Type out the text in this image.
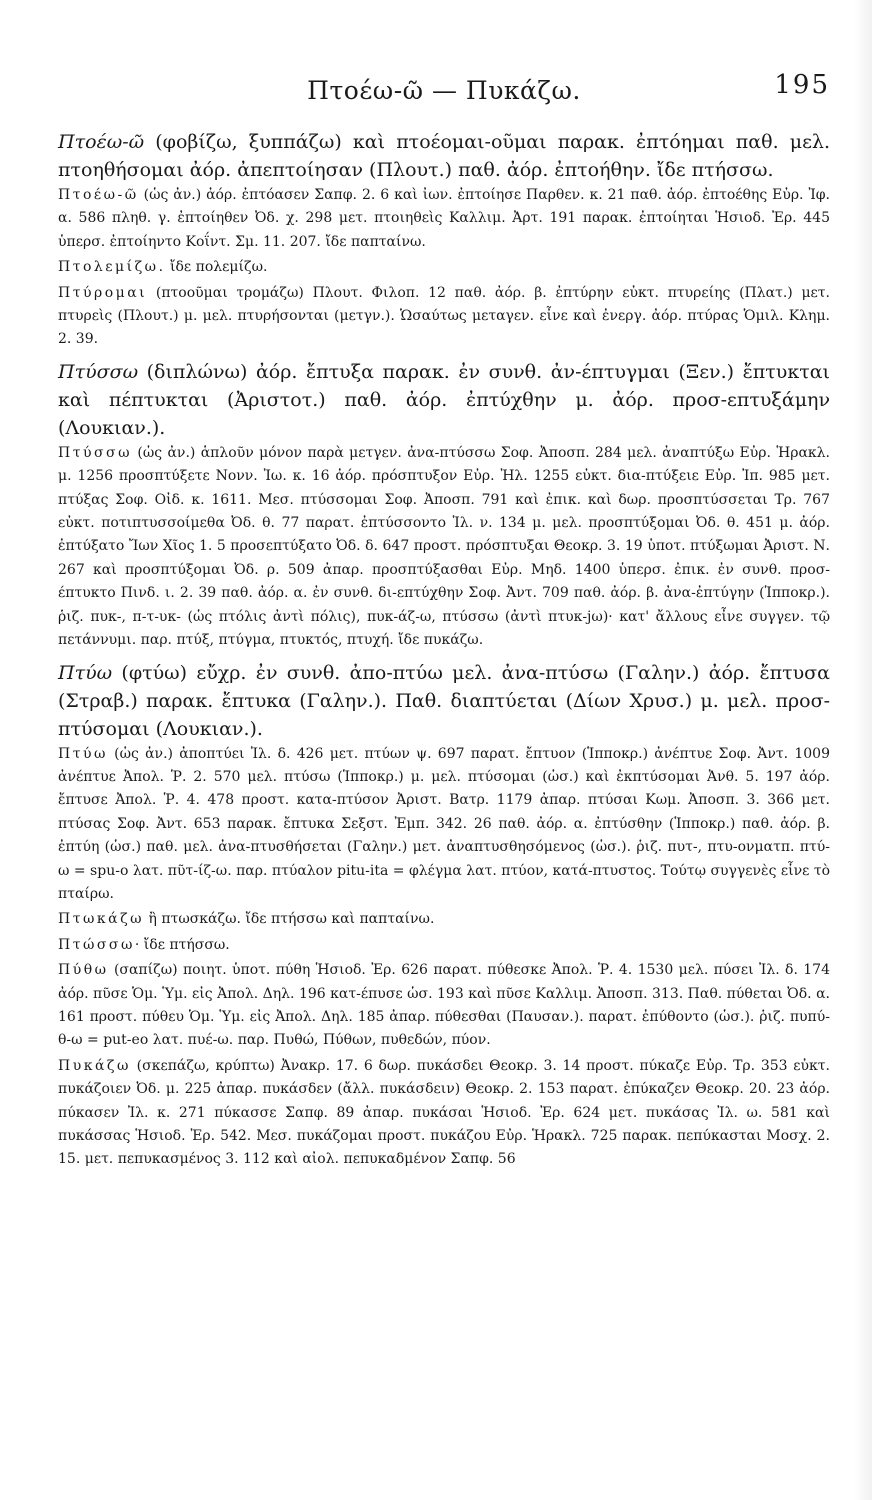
Πτοέω-ῶ — Πυκάζω.	195

Πτοέω-ῶ (φοβίζω, ξυππάζω) καὶ πτοέομαι-οῦμαι παρακ. ἐπτόημαι παθ. μελ. πτοηθήσομαι ἀόρ. ἀπεπτοίησαν (Πλουτ.) παθ. ἀόρ. ἐπτοήθην. ἴδε πτήσσω.

Πτοέω-ῶ (ὡς ἀν.) ἀόρ. ἐπτόασεν Σαπφ. 2. 6 καὶ ἰων. ἐπτοίησε Παρθεν. κ. 21 παθ. ἀόρ. ἐπτοέθης Εὐρ. Ἰφ. α. 586 πληθ. γ. ἐπτοίηθεν Ὀδ. χ. 298 μετ. πτοιηθεὶς Καλλιμ. Ἀρτ. 191 παρακ. ἐπτοίηται Ἡσιοδ. Ἐρ. 445 ὑπερσ. ἐπτοίηντο Κοΐντ. Σμ. 11. 207. ἴδε παπταίνω.

Πτολεμίζω. ἴδε πολεμίζω.

Πτύρομαι (πτοοῦμαι τρομάζω) Πλουτ. Φιλοπ. 12 παθ. ἀόρ. β. ἐπτύρην εὐκτ. πτυρείης (Πλατ.) μετ. πτυρεὶς (Πλουτ.) μ. μελ. πτυρήσονται (μετγν.). Ὡσαύτως μεταγεν. εἶνε καὶ ἐνεργ. ἀόρ. πτύρας Ὁμιλ. Κλημ. 2. 39.

Πτύσσω (διπλώνω) ἀόρ. ἔπτυξα παρακ. ἐν συνθ. ἀν-έπτυγμαι (Ξεν.) ἔπτυκται καὶ πέπτυκται (Ἀριστοτ.) παθ. ἀόρ. ἐπτύχθην μ. ἀόρ. προσ-επτυξάμην (Λουκιαν.).

Πτύσσω (ὡς ἀν.) ἁπλοῦν μόνον παρὰ μετγεν. ἀνα-πτύσσω Σοφ. Ἀποσπ. 284 μελ. ἀναπτύξω Εὐρ. Ἡρακλ. μ. 1256 προσπτύξετε Νονν. Ἰω. κ. 16 ἀόρ. πρόσπτυξον Εὐρ. Ἠλ. 1255 εὐκτ. δια-πτύξειε Εὐρ. Ἰπ. 985 μετ. πτύξας Σοφ. Οἰδ. κ. 1611. Μεσ. πτύσσομαι Σοφ. Ἀποσπ. 791 καὶ ἐπικ. καὶ δωρ. προσπτύσσεται Τρ. 767 εὐκτ. ποτιπτυσσοίμεθα Ὀδ. θ. 77 παρατ. ἐπτύσσοντο Ἰλ. ν. 134 μ. μελ. προσπτύξομαι Ὀδ. θ. 451 μ. ἀόρ. ἐπτύξατο Ἴων Χῖος 1. 5 προσεπτύξατο Ὀδ. δ. 647 προστ. πρόσπτυξαι Θεοκρ. 3. 19 ὑποτ. πτύξωμαι Ἀριστ. Ν. 267 καὶ προσπτύξομαι Ὀδ. ρ. 509 ἀπαρ. προσπτύξασθαι Εὐρ. Μηδ. 1400 ὑπερσ. ἐπικ. ἐν συνθ. προσ-έπτυκτο Πινδ. ι. 2. 39 παθ. ἀόρ. α. ἐν συνθ. δι-επτύχθην Σοφ. Ἀντ. 709 παθ. ἀόρ. β. ἀνα-ἐπτύγην (Ἱπποκρ.). ῥιζ. πυκ-, π-τ-υκ- (ὡς πτόλις ἀντὶ πόλις), πυκ-άζ-ω, πτύσσω (ἀντὶ πτυκ-jω)· κατ' ἄλλους εἶνε συγγεν. τῷ πετάννυμι. παρ. πτύξ, πτύγμα, πτυκτός, πτυχή. ἴδε πυκάζω.

Πτύω (φτύω) εὔχρ. ἐν συνθ. ἀπο-πτύω μελ. ἀνα-πτύσω (Γαλην.) ἀόρ. ἔπτυσα (Στραβ.) παρακ. ἔπτυκα (Γαλην.). Παθ. διαπτύεται (Δίων Χρυσ.) μ. μελ. προσ-πτύσομαι (Λουκιαν.).

Πτύω (ὡς ἀν.) ἀποπτύει Ἰλ. δ. 426 μετ. πτύων ψ. 697 παρατ. ἔπτυον (Ἱπποκρ.) ἀνέπτυε Σοφ. Ἀντ. 1009 ἀνέπτυε Ἀπολ. Ῥ. 2. 570 μελ. πτύσω (Ἱπποκρ.) μ. μελ. πτύσομαι (ὡσ.) καὶ ἐκπτύσομαι Ἀνθ. 5. 197 ἀόρ. ἔπτυσε Ἀπολ. Ῥ. 4. 478 προστ. κατα-πτύσον Ἀριστ. Βατρ. 1179 ἀπαρ. πτύσαι Κωμ. Ἀποσπ. 3. 366 μετ. πτύσας Σοφ. Ἀντ. 653 παρακ. ἔπτυκα Σεξστ. Ἐμπ. 342. 26 παθ. ἀόρ. α. ἐπτύσθην (Ἱπποκρ.) παθ. ἀόρ. β. ἐπτύη (ὡσ.) παθ. μελ. ἀνα-πτυσθήσεται (Γαλην.) μετ. ἀναπτυσθησόμενος (ὡσ.). ῥιζ. πυτ-, πτυ-ονματπ. πτύ-ω = spu-o λατ. πῦτ-ίζ-ω. παρ. πτύαλον pitu-ita = φλέγμα λατ. πτύον, κατά-πτυστος. Τούτῳ συγγενὲς εἶνε τὸ πταίρω.

Πτωκάζω ἢ πτωσκάζω. ἴδε πτήσσω καὶ παπταίνω.

Πτώσσω· ἴδε πτήσσω.

Πύθω (σαπίζω) ποιητ. ὑποτ. πύθη Ἡσιοδ. Ἐρ. 626 παρατ. πύθεσκε Ἀπολ. Ῥ. 4. 1530 μελ. πύσει Ἰλ. δ. 174 ἀόρ. πῦσε Ὁμ. Ὑμ. εἰς Ἀπολ. Δηλ. 196 κατ-έπυσε ὡσ. 193 καὶ πῦσε Καλλιμ. Ἀποσπ. 313. Παθ. πύθεται Ὀδ. α. 161 προστ. πύθευ Ὁμ. Ὑμ. εἰς Ἀπολ. Δηλ. 185 ἀπαρ. πύθεσθαι (Παυσαν.). παρατ. ἐπύθοντο (ὡσ.). ῥιζ. πυπύ-θ-ω = put-eo λατ. πυέ-ω. παρ. Πυθώ, Πύθων, πυθεδών, πύον.

Πυκάζω (σκεπάζω, κρύπτω) Ἀνακρ. 17. 6 δωρ. πυκάσδει Θεοκρ. 3. 14 προστ. πύκαζε Εὐρ. Τρ. 353 εὐκτ. πυκάζοιεν Ὀδ. μ. 225 ἀπαρ. πυκάσδεν (ἄλλ. πυκάσδειν) Θεοκρ. 2. 153 παρατ. ἐπύκαζεν Θεοκρ. 20. 23 ἀόρ. πύκασεν Ἰλ. κ. 271 πύκασσε Σαπφ. 89 ἀπαρ. πυκάσαι Ἡσιοδ. Ἐρ. 624 μετ. πυκάσας Ἰλ. ω. 581 καὶ πυκάσσας Ἡσιοδ. Ἐρ. 542. Μεσ. πυκάζομαι προστ. πυκάζου Εὐρ. Ἡρακλ. 725 παρακ. πεπύκασται Μοσχ. 2. 15. μετ. πεπυκασμένος 3. 112 καὶ αἰολ. πεπυκαδμένον Σαπφ. 56
